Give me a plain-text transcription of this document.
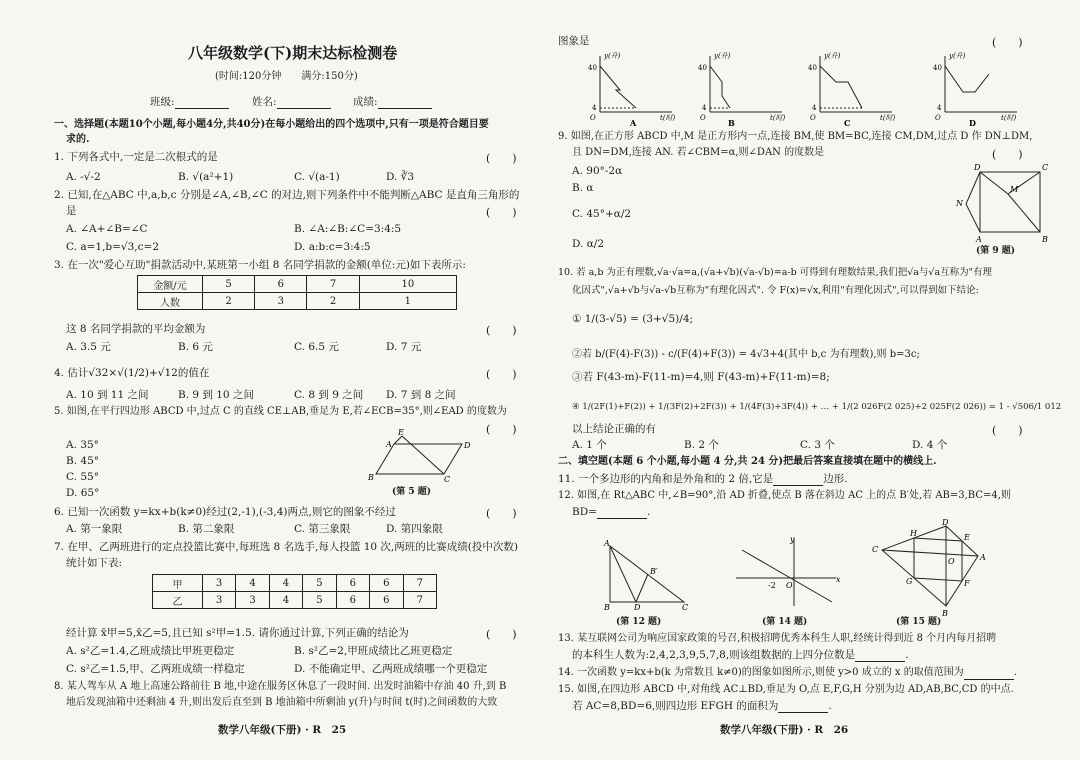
八年级数学(下)期末达标检测卷
(时间:120分钟　　满分:150分)
班级:	姓名:	成绩:
一、选择题(本题10个小题,每小题4分,共40分)在每小题给出的四个选项中,只有一项是符合题目要
求的.
1. 下列各式中,一定是二次根式的是	(　　)
A. -√-2	B. √(a²+1)	C. √(a-1)	D. ∛3
2. 已知,在△ABC 中,a,b,c 分别是∠A,∠B,∠C 的对边,则下列条件中不能判断△ABC 是直角三角形的
是	(　　)
A. ∠A+∠B=∠C	B. ∠A:∠B:∠C=3:4:5
C. a=1,b=√3,c=2	D. a:b:c=3:4:5
3. 在一次"爱心互助"捐款活动中,某班第一小组 8 名同学捐款的金额(单位:元)如下表所示:
金额/元	5	6	7	10
人数	2	3	2	1
这 8 名同学捐款的平均金额为	(　　)
A. 3.5 元	B. 6 元	C. 6.5 元	D. 7 元
4. 估计√32×√(1/2)+√12的值在	(　　)
A. 10 到 11 之间	B. 9 到 10 之间	C. 8 到 9 之间 D. 7 到 8 之间
5. 如图,在平行四边形 ABCD 中,过点 C 的直线 CE⊥AB,垂足为 E,若∠ECB=35°,则∠EAD 的度数为
(　　)
A. 35°
B. 45°
C. 55°
D. 65°
A
E
D
B	C
(第 5 题)
6. 已知一次函数 y=kx+b(k≠0)经过(2,-1),(-3,4)两点,则它的图象不经过	(　　)
A. 第一象限	B. 第二象限	C. 第三象限	D. 第四象限
7. 在甲、乙两班进行的定点投篮比赛中,每班选 8 名选手,每人投篮 10 次,两班的比赛成绩(投中次数)
统计如下表:
甲	3	4	4	5	6	6	7
乙	3	3	4	5	6	6	7
经计算 x̄甲=5,x̄乙=5,且已知 s²甲=1.5. 请你通过计算,下列正确的结论为	(　　)
A. s²乙=1.4,乙班成绩比甲班更稳定	B. s²乙=2,甲班成绩比乙班更稳定
C. s²乙=1.5,甲、乙两班成绩一样稳定	D. 不能确定甲、乙两班成绩哪一个更稳定
8. 某人驾车从 A 地上高速公路前往 B 地,中途在服务区休息了一段时间. 出发时油箱中存油 40 升,到 B
地后发现油箱中还剩油 4 升,则出发后直至到 B 地油箱中所剩油 y(升)与时间 t(时)之间函数的大致
数学八年级(下册) · R　25
图象是	(　　)
40
4
O
y(升)
t(时)
A
40
4
O
y(升)
t(时)
B
40
4
O
y(升)
t(时)
C
40
4
O
y(升)
t(时)
D
9. 如图,在正方形 ABCD 中,M 是正方形内一点,连接 BM,使 BM=BC,连接 CM,DM,过点 D 作 DN⊥DM,
且 DN=DM,连接 AN. 若∠CBM=α,则∠DAN 的度数是	(　　)
A. 90°-2α
B. α
C. 45°+α/2
D. α/2
D	C
M
N
A	B
(第 9 题)
10. 若 a,b 为正有理数,√a·√a=a,(√a+√b)(√a-√b)=a-b 可得到有理数结果,我们把√a与√a互称为"有理
化因式",√a+√b与√a-√b互称为"有理化因式". 令 F(x)=√x,利用"有理化因式",可以得到如下结论:
① 1/(3-√5) = (3+√5)/4;
②若 b/(F(4)-F(3)) - c/(F(4)+F(3)) = 4√3+4(其中 b,c 为有理数),则 b=3c;
③若 F(43-m)-F(11-m)=4,则 F(43-m)+F(11-m)=8;
④ 1/(2F(1)+F(2)) + 1/(3F(2)+2F(3)) + 1/(4F(3)+3F(4)) + … + 1/(2 026F(2 025)+2 025F(2 026)) = 1 - √506/1 012
以上结论正确的有	(　　)
A. 1 个	B. 2 个	C. 3 个	D. 4 个
二、填空题(本题 6 个小题,每小题 4 分,共 24 分)把最后答案直接填在题中的横线上.
11. 一个多边形的内角和是外角和的 2 倍,它是	边形.
12. 如图,在 Rt△ABC 中,∠B=90°,沿 AD 折叠,使点 B 落在斜边 AC 上的点 B′处,若 AB=3,BC=4,则
BD=	.
A
B′
B	D	C
(第 12 题)
-2 O
y
x
(第 14 题)
D
C
A
B
H	E
G	F
O
(第 15 题)
13. 某互联网公司为响应国家政策的号召,积极招聘优秀本科生人职,经统计得到近 8 个月内每月招聘
的本科生人数为:2,4,2,3,9,5,7,8,则该组数据的上四分位数是	.
14. 一次函数 y=kx+b(k 为常数且 k≠0)的图象如图所示,则使 y>0 成立的 x 的取值范围为	.
15. 如图,在四边形 ABCD 中,对角线 AC⊥BD,垂足为 O,点 E,F,G,H 分别为边 AD,AB,BC,CD 的中点.
若 AC=8,BD=6,则四边形 EFGH 的面积为	.
数学八年级(下册) · R　26
